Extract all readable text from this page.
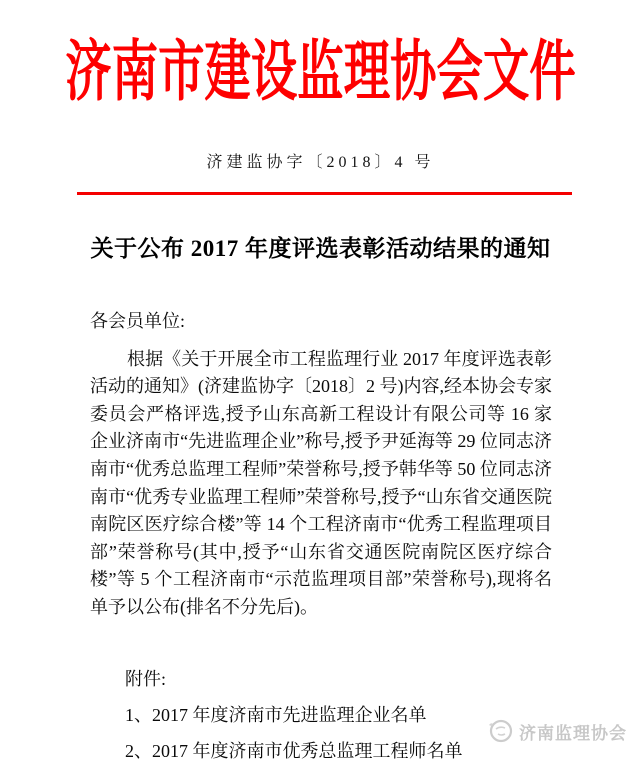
济南市建设监理协会文件
济建监协字〔2018〕4 号
关于公布 2017 年度评选表彰活动结果的通知

各会员单位:

根据《关于开展全市工程监理行业 2017 年度评选表彰活动的通知》(济建监协字〔2018〕2 号)内容,经本协会专家委员会严格评选,授予山东高新工程设计有限公司等 16 家企业济南市“先进监理企业”称号,授予尹延海等 29 位同志济南市“优秀总监理工程师”荣誉称号,授予韩华等 50 位同志济南市“优秀专业监理工程师”荣誉称号,授予“山东省交通医院南院区医疗综合楼”等 14 个工程济南市“优秀工程监理项目部”荣誉称号(其中,授予“山东省交通医院南院区医疗综合楼”等 5 个工程济南市“示范监理项目部”荣誉称号),现将名单予以公布(排名不分先后)。

附件:

1、2017 年度济南市先进监理企业名单

2、2017 年度济南市优秀总监理工程师名单

济南监理协会
